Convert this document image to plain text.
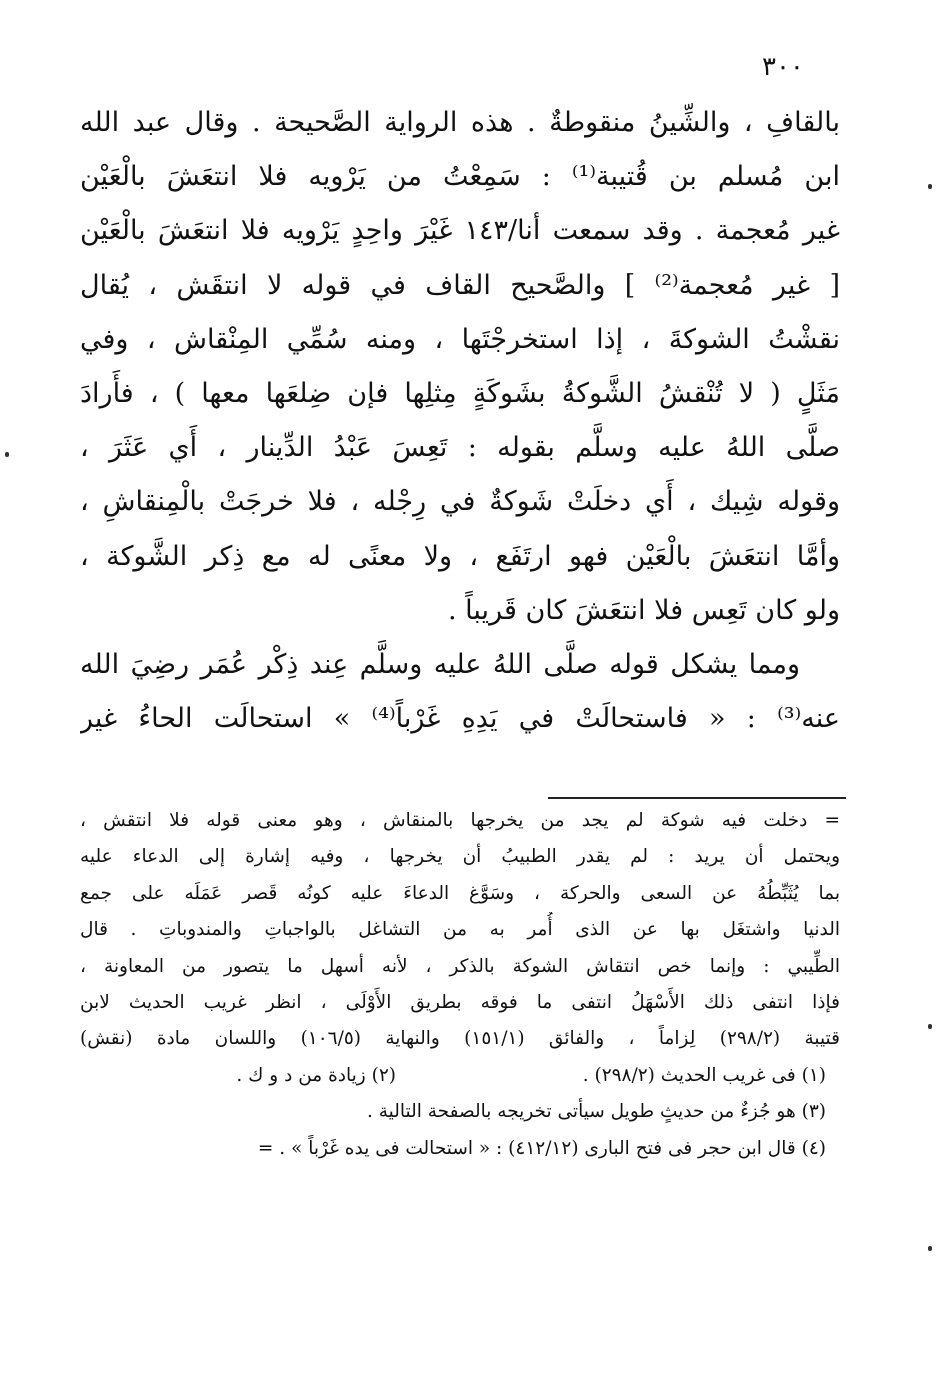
٣٠٠
بالقافِ ، والشِّينُ منقوطةٌ . هذه الرواية الصَّحيحة . وقال عبد الله
ابن مُسلم بن قُتيبة⁽¹⁾ : سَمِعْتُ من يَرْويه فلا انتعَشَ بالْعَيْن
غير مُعجمة . وقد سمعت أنا/١٤٣ غَيْرَ واحِدٍ يَرْويه فلا انتعَشَ بالْعَيْن
[ غير مُعجمة⁽²⁾ ] والصَّحيح القاف في قوله لا انتقَش ، يُقال
نقشْتُ الشوكةَ ، إذا استخرجْتَها ، ومنه سُمِّي المِنْقاش ، وفي
مَثَلٍ ( لا تُنْقشُ الشَّوكةُ بشَوكَةٍ مِثلِها فإن ضِلعَها معها ) ، فأَرادَ
صلَّى اللهُ عليه وسلَّم بقوله : تَعِسَ عَبْدُ الدِّينار ، أَي عَثَرَ ،
وقوله شِيك ، أَي دخلَتْ شَوكةٌ في رِجْله ، فلا خرجَتْ بالْمِنقاشِ ،
وأمَّا انتعَشَ بالْعَيْن فهو ارتَفَع ، ولا معنًى له مع ذِكر الشَّوكة ،
ولو كان تَعِس فلا انتعَشَ كان قَريباً .
ومما يشكل قوله صلَّى اللهُ عليه وسلَّم عِند ذِكْر عُمَر رضِيَ الله
عنه⁽³⁾ : « فاستحالَتْ في يَدِهِ غَرْباً⁽⁴⁾ » استحالَت الحاءُ غير
= دخلت فيه شوكة لم يجد من يخرجها بالمنقاش ، وهو معنى قوله فلا انتقش ،
ويحتمل أن يريد : لم يقدر الطبيبُ أن يخرجها ، وفيه إشارة إلى الدعاء عليه
بما يُثَبِّطُهُ عن السعى والحركة ، وسَوَّغ الدعاءَ عليه كونُه قَصر عَمَلَه على جمع
الدنيا واشتغَل بها عن الذى أُمر به من التشاغل بالواجباتِ والمندوباتِ . قال
الطِّيبي : وإنما خص انتقاش الشوكة بالذكر ، لأنه أسهل ما يتصور من المعاونة ،
فإذا انتفى ذلك الأَسْهَلُ انتفى ما فوقه بطريق الأَوْلَى ، انظر غريب الحديث لابن
قتيبة (٢٩٨/٢) لِزاماً ، والفائق (١٥١/١) والنهاية (١٠٦/٥) واللسان مادة (نقش)
(١) فى غريب الحديث (٢٩٨/٢) .
(٢) زيادة من د و ك .
(٣) هو جُزءٌ من حديثٍ طويل سيأتى تخريجه بالصفحة التالية .
(٤) قال ابن حجر فى فتح البارى (٤١٢/١٢) : « استحالت فى يده غَرْباً » . =
